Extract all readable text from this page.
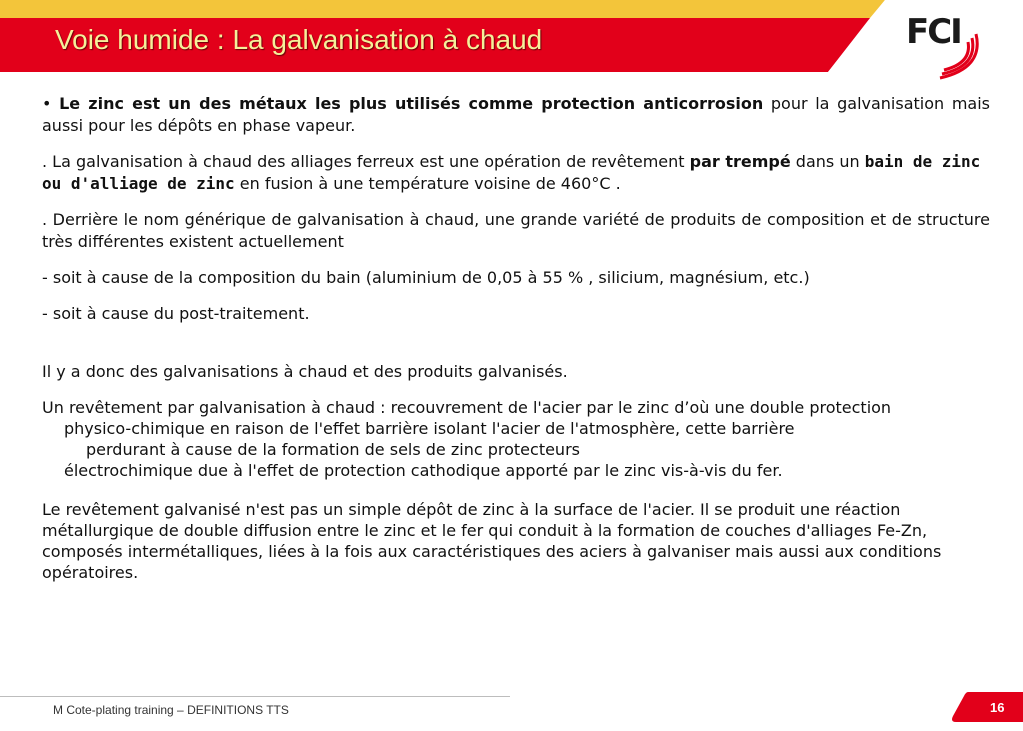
Voie humide : La galvanisation à chaud	FCI

• Le zinc est un des métaux les plus utilisés comme protection anticorrosion pour la galvanisation mais aussi pour les dépôts en phase vapeur.

. La galvanisation à chaud des alliages ferreux est une opération de revêtement par trempé dans un bain de zinc ou d'alliage de zinc en fusion à une température voisine de 460°C .

. Derrière le nom générique de galvanisation à chaud, une grande variété de produits de composition et de structure très différentes existent actuellement

- soit à cause de la composition du bain (aluminium de 0,05 à 55 % , silicium, magnésium, etc.)

- soit à cause du post-traitement.

Il y a donc des galvanisations à chaud et des produits galvanisés.

Un revêtement par galvanisation à chaud : recouvrement de l'acier par le zinc d’où une double protection
physico-chimique en raison de l'effet barrière isolant l'acier de l'atmosphère, cette barrière
perdurant à cause de la formation de sels de zinc protecteurs
électrochimique due à l'effet de protection cathodique apporté par le zinc vis-à-vis du fer.

Le revêtement galvanisé n'est pas un simple dépôt de zinc à la surface de l'acier. Il se produit une réaction métallurgique de double diffusion entre le zinc et le fer qui conduit à la formation de couches d'alliages Fe-Zn, composés intermétalliques, liées à la fois aux caractéristiques des aciers à galvaniser mais aussi aux conditions opératoires.

M Cote-plating training – DEFINITIONS TTS	16
